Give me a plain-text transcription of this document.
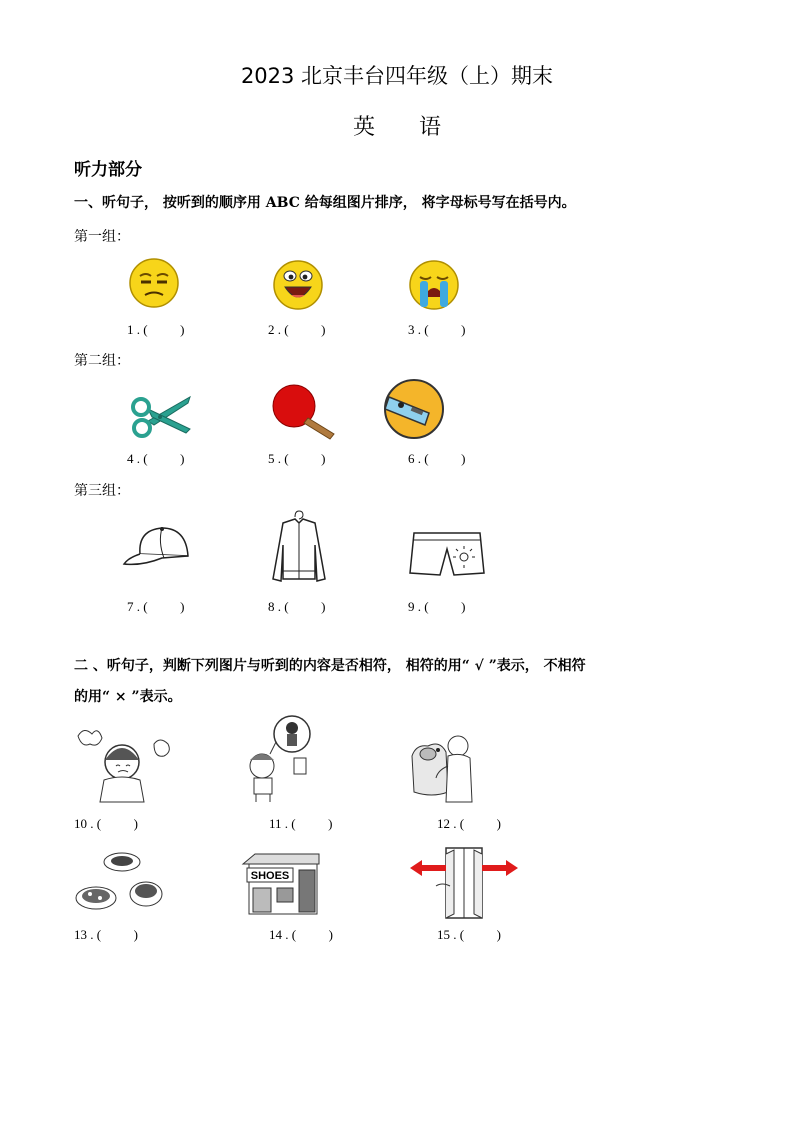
2023 北京丰台四年级（上）期末
英　　语
听力部分
一、听句子， 按听到的顺序用 ABC 给每组图片排序， 将字母标号写在括号内。
第一组：
1 . (          )	2 . (          )	3 . (          )
第二组：
4 . (          )	5 . (          )	6 . (          )
第三组：
7 . (          )	8 . (          )	9 . (          )
二 、听句子，判断下列图片与听到的内容是否相符， 相符的用“ √ ”表示， 不相符
的用“ × ”表示。
10 . (          )	11 . (          )	12 . (          )
SHOES
13 . (          )	14 . (          )	15 . (          )
